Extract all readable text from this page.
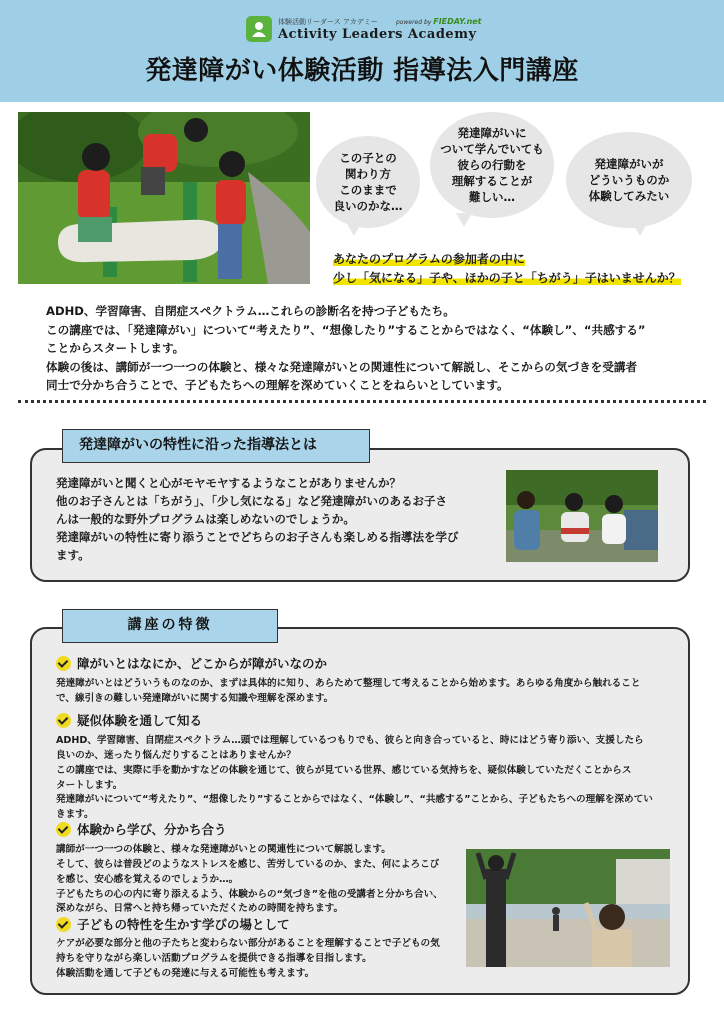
体験活動リーダース アカデミー	powered by FIEDAY.net
Activity Leaders Academy
発達障がい体験活動 指導法入門講座
この子との
関わり方
このままで
良いのかな…
発達障がいに
ついて学んでいても
彼らの行動を
理解することが
難しい…
発達障がいが
どういうものか
体験してみたい
あなたのプログラムの参加者の中に
少し「気になる」子や、ほかの子と「ちがう」子はいませんか？
ADHD、学習障害、自閉症スペクトラム…これらの診断名を持つ子どもたち。
この講座では、「発達障がい」について“考えたり”、“想像したり”することからではなく、“体験し”、“共感する”
ことからスタートします。
体験の後は、講師が一つ一つの体験と、様々な発達障がいとの関連性について解説し、そこからの気づきを受講者
同士で分かち合うことで、子どもたちへの理解を深めていくことをねらいとしています。
発達障がいの特性に沿った指導法とは
発達障がいと聞くと心がモヤモヤするようなことがありませんか？
他のお子さんとは「ちがう」、「少し気になる」など発達障がいのあるお子さ
んは一般的な野外プログラムは楽しめないのでしょうか。
発達障がいの特性に寄り添うことでどちらのお子さんも楽しめる指導法を学び
ます。
講座の特徴
障がいとはなにか、どこからが障がいなのか
発達障がいとはどういうものなのか、まずは具体的に知り、あらためて整理して考えることから始めます。あらゆる角度から触れること
で、線引きの難しい発達障がいに関する知識や理解を深めます。
疑似体験を通して知る
ADHD、学習障害、自閉症スペクトラム…頭では理解しているつもりでも、彼らと向き合っていると、時にはどう寄り添い、支援したら
良いのか、迷ったり悩んだりすることはありませんか？
この講座では、実際に手を動かすなどの体験を通じて、彼らが見ている世界、感じている気持ちを、疑似体験していただくことからス
タートします。
発達障がいについて“考えたり”、“想像したり”することからではなく、“体験し”、“共感する”ことから、子どもたちへの理解を深めてい
きます。
体験から学び、分かち合う
講師が一つ一つの体験と、様々な発達障がいとの関連性について解説します。
そして、彼らは普段どのようなストレスを感じ、苦労しているのか、また、何によろこび
を感じ、安心感を覚えるのでしょうか…。
子どもたちの心の内に寄り添えるよう、体験からの“気づき”を他の受講者と分かち合い、
深めながら、日常へと持ち帰っていただくための時間を持ちます。
子どもの特性を生かす学びの場として
ケアが必要な部分と他の子たちと変わらない部分があることを理解することで子どもの気
持ちを守りながら楽しい活動プログラムを提供できる指導を目指します。
体験活動を通して子どもの発達に与える可能性も考えます。
